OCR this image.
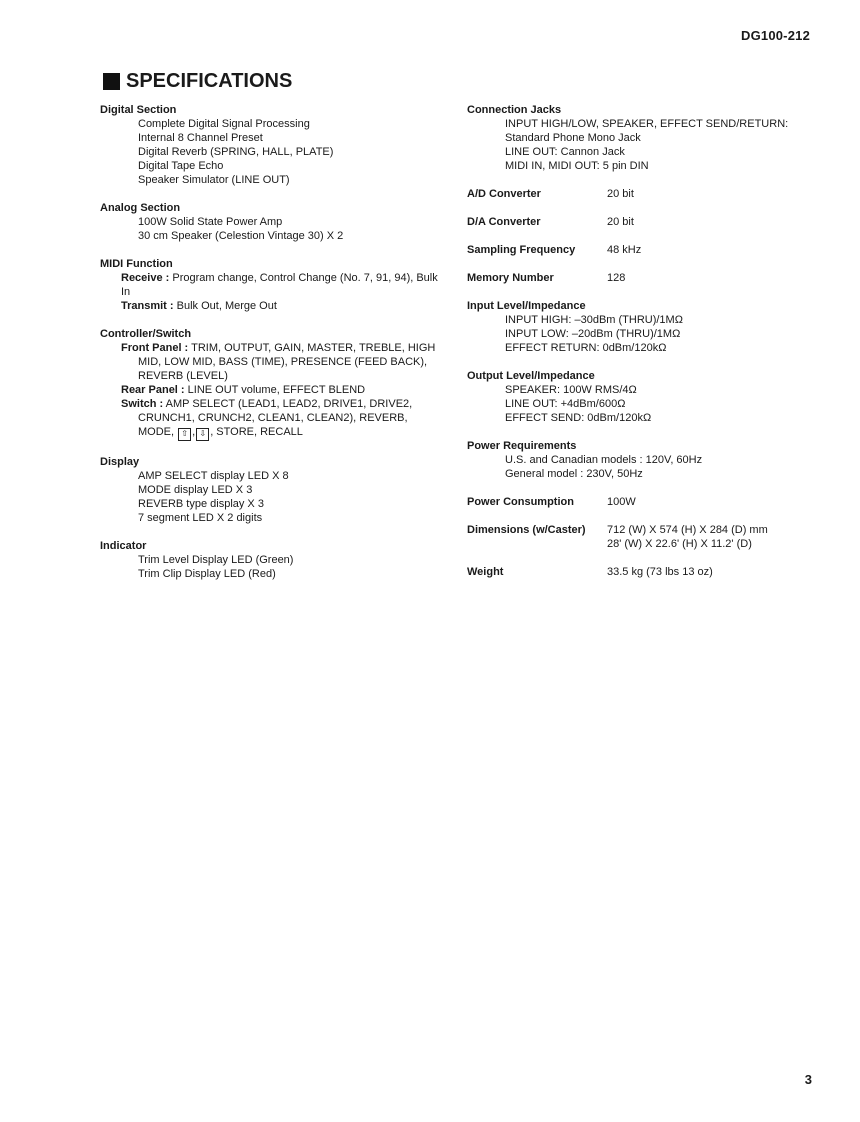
DG100-212
SPECIFICATIONS
Digital Section
Complete Digital Signal Processing
Internal 8 Channel Preset
Digital Reverb (SPRING, HALL, PLATE)
Digital Tape Echo
Speaker Simulator (LINE OUT)
Analog Section
100W Solid State Power Amp
30 cm Speaker (Celestion Vintage 30) X 2
MIDI Function
Receive : Program change, Control Change (No. 7, 91, 94), Bulk In
Transmit : Bulk Out, Merge Out
Controller/Switch
Front Panel : TRIM, OUTPUT, GAIN, MASTER, TREBLE, HIGH
MID, LOW MID, BASS (TIME), PRESENCE (FEED BACK),
REVERB (LEVEL)
Rear Panel : LINE OUT volume, EFFECT BLEND
Switch : AMP SELECT (LEAD1, LEAD2, DRIVE1, DRIVE2,
CRUNCH1, CRUNCH2, CLEAN1, CLEAN2), REVERB,
MODE, ⇧ , ⇩ , STORE, RECALL
Display
AMP SELECT display LED X 8
MODE display LED X 3
REVERB type display X 3
7 segment LED X 2 digits
Indicator
Trim Level Display LED (Green)
Trim Clip Display LED (Red)
Connection Jacks
INPUT HIGH/LOW, SPEAKER, EFFECT SEND/RETURN:
Standard Phone Mono Jack
LINE OUT: Cannon Jack
MIDI IN, MIDI OUT: 5 pin DIN
A/D Converter	20 bit
D/A Converter	20 bit
Sampling Frequency	48 kHz
Memory Number	128
Input Level/Impedance
INPUT HIGH: –30dBm (THRU)/1MΩ
INPUT LOW: –20dBm (THRU)/1MΩ
EFFECT RETURN: 0dBm/120kΩ
Output Level/Impedance
SPEAKER: 100W RMS/4Ω
LINE OUT: +4dBm/600Ω
EFFECT SEND: 0dBm/120kΩ
Power Requirements
U.S. and Canadian models : 120V, 60Hz
General model : 230V, 50Hz
Power Consumption	100W
Dimensions (w/Caster)	712 (W) X 574 (H) X 284 (D) mm
28' (W) X 22.6' (H) X 11.2' (D)
Weight	33.5 kg (73 lbs 13 oz)
3
